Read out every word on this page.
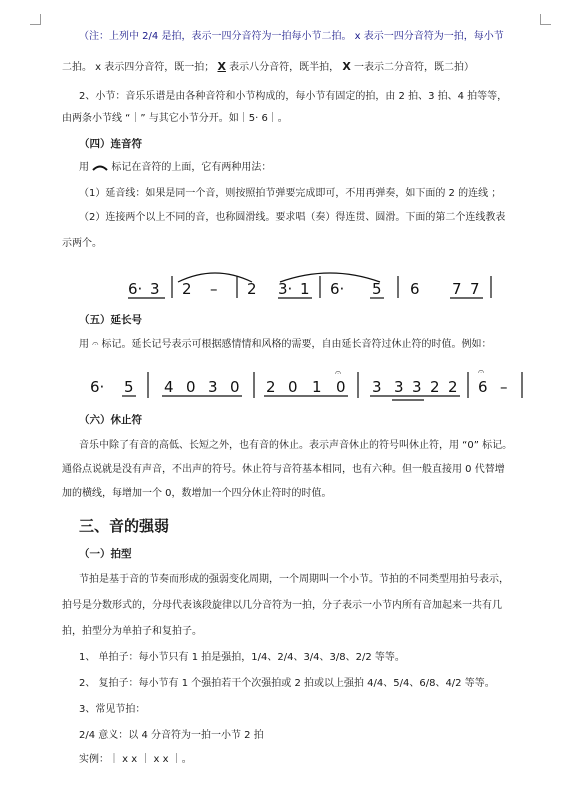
（注：上列中 2/4 是拍，表示一四分音符为一拍每小节二拍。 x 表示一四分音符为一拍，每小节
二拍。 x 表示四分音符，既一拍； X 表示八分音符，既半拍， X 一表示二分音符，既二拍）
2、小节：音乐乐谱是由各种音符和小节构成的，每小节有固定的拍，由 2 拍、3 拍、4 拍等等，
由两条小节线 “｜” 与其它小节分开。如｜5· 6｜。
（四）连音符
用 标记在音符的上面，它有两种用法：
（1）延音线：如果是同一个音，则按照拍节弹要完成即可，不用再弹奏，如下面的 2 的连线 ；
（2）连接两个以上不同的音，也称圆滑线。要求唱（奏）得连贯、圆滑。下面的第二个连线教表
示两个。
6· 3 2 – 2 3· 1 6· 5 6 7 7
（五）延长号
用 𝄐 标记。延长记号表示可根据感情情和风格的需要，自由延长音符过休止符的时值。例如：
6· 5 4 0 3 0 2 0 1 0
𝄐
3 3 3 2 2 6
𝄐
–
（六）休止符
音乐中除了有音的高低、长短之外，也有音的休止。表示声音休止的符号叫休止符，用 “0” 标记。
通俗点说就是没有声音，不出声的符号。休止符与音符基本相同，也有六种。但一般直接用 0 代替增
加的横线，每增加一个 0，数增加一个四分休止符时的时值。
三、音的强弱
（一）拍型
节拍是基于音的节奏而形成的强弱变化周期，一个周期叫一个小节。节拍的不同类型用拍号表示，
拍号是分数形式的，分母代表该段旋律以几分音符为一拍，分子表示一小节内所有音加起来一共有几
拍，拍型分为单拍子和复拍子。
1、 单拍子：每小节只有 1 拍是强拍，1/4、2/4、3/4、3/8、2/2 等等。
2、 复拍子：每小节有 1 个强拍若干个次强拍或 2 拍或以上强拍 4/4、5/4、6/8、4/2 等等。
3、常见节拍：
2/4 意义：以 4 分音符为一拍一小节 2 拍
实例：｜ x x ｜ x x ｜。
